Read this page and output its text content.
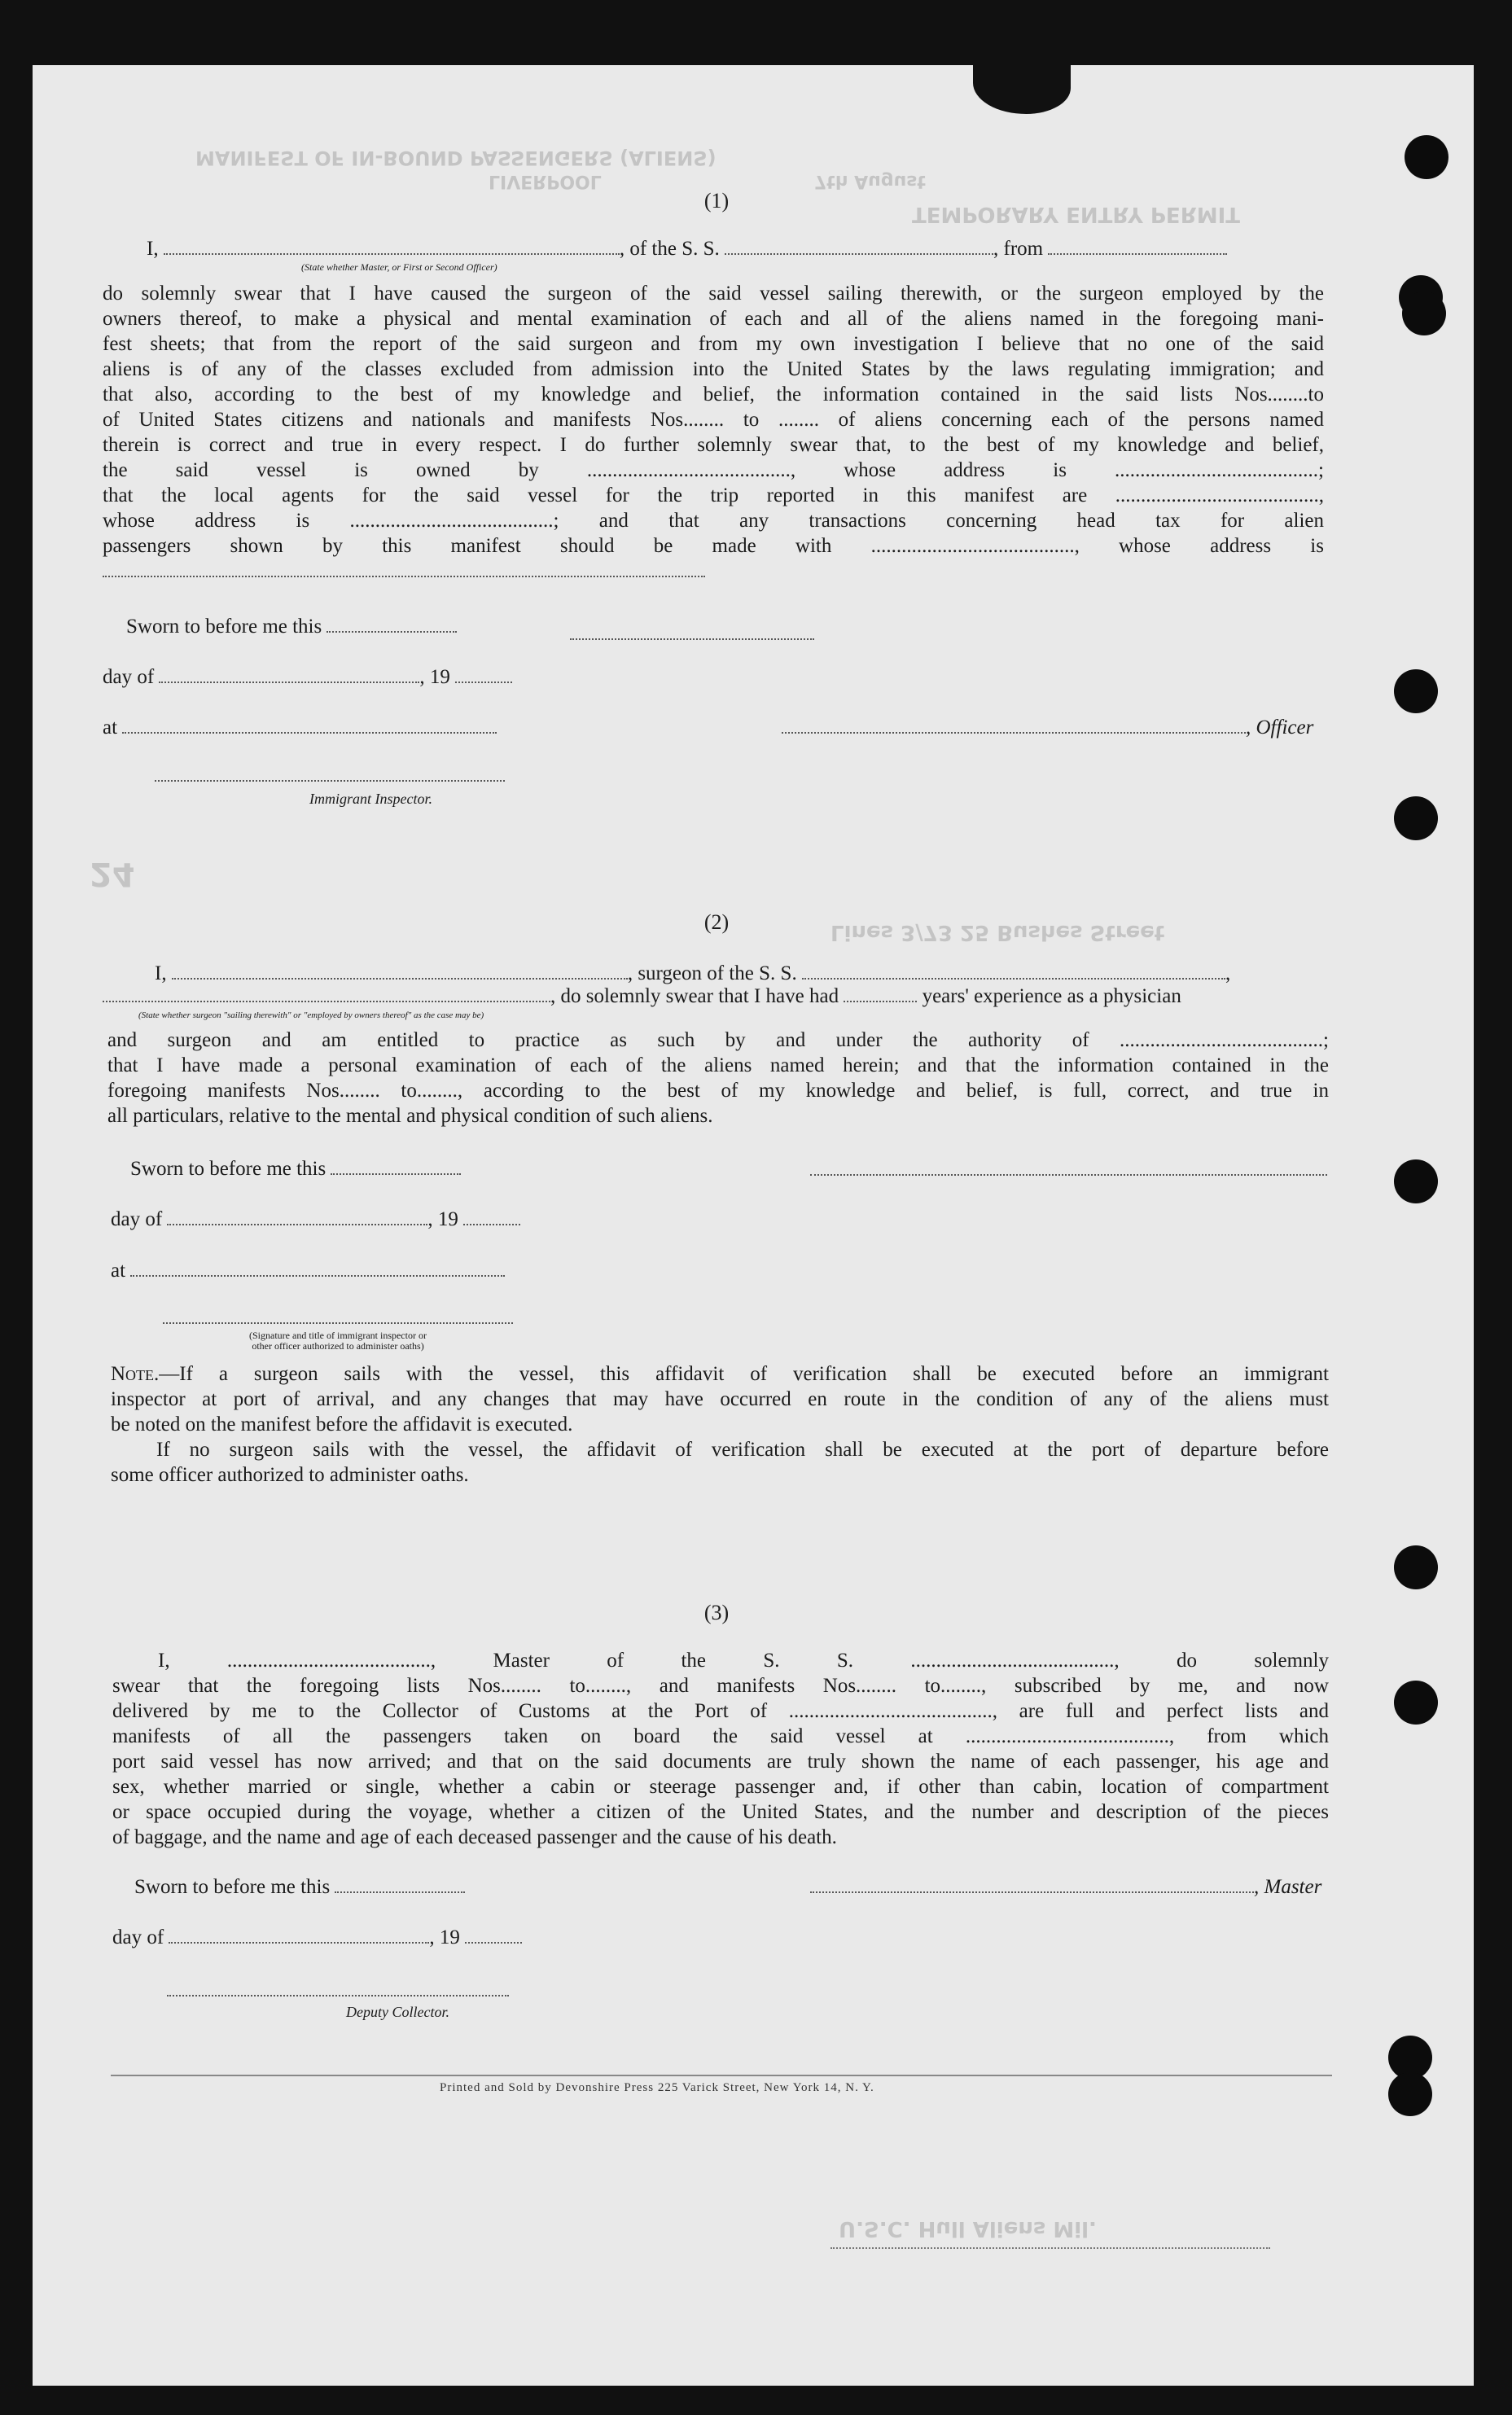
MANIFEST OF IN-BOUND PASSENGERS (ALIENS)
LIVERPOOL	7th August
TEMPORARY ENTRY PERMIT
24
Lines 3/73 25 Bushes Street
(1)
I,	, of the S. S.	, from
(State whether Master, or First or Second Officer)
do solemnly swear that I have caused the surgeon of the said vessel sailing therewith, or the surgeon employed by the
owners thereof, to make a physical and mental examination of each and all of the aliens named in the foregoing mani-
fest sheets; that from the report of the said surgeon and from my own investigation I believe that no one of the said
aliens is of any of the classes excluded from admission into the United States by the laws regulating immigration; and
that also, according to the best of my knowledge and belief, the information contained in the said lists Nos........to
of United States citizens and nationals and manifests Nos........ to ........ of aliens concerning each of the persons named
therein is correct and true in every respect. I do further solemnly swear that, to the best of my knowledge and belief,
the said vessel is owned by ........................................, whose address is ........................................;
that the local agents for the said vessel for the trip reported in this manifest are ........................................,
whose address is ........................................; and that any transactions concerning head tax for alien
passengers shown by this manifest should be made with ........................................, whose address is
Sworn to before me this
day of	, 19
at	, Officer
Immigrant Inspector.
(2)
I,	, surgeon of the S. S.	,
, do solemnly swear that I have had	years' experience as a physician
(State whether surgeon "sailing therewith" or "employed by owners thereof" as the case may be)
and surgeon and am entitled to practice as such by and under the authority of ........................................;
that I have made a personal examination of each of the aliens named herein; and that the information contained in the
foregoing manifests Nos........ to........, according to the best of my knowledge and belief, is full, correct, and true in
all particulars, relative to the mental and physical condition of such aliens.
Sworn to before me this
day of	, 19
at
(Signature and title of immigrant inspector or
other officer authorized to administer oaths)
Note.—If a surgeon sails with the vessel, this affidavit of verification shall be executed before an immigrant
inspector at port of arrival, and any changes that may have occurred en route in the condition of any of the aliens must
be noted on the manifest before the affidavit is executed.
If no surgeon sails with the vessel, the affidavit of verification shall be executed at the port of departure before
some officer authorized to administer oaths.
(3)
I, ........................................, Master of the S. S. ........................................, do solemnly
swear that the foregoing lists Nos........ to........, and manifests Nos........ to........, subscribed by me, and now
delivered by me to the Collector of Customs at the Port of ........................................, are full and perfect lists and
manifests of all the passengers taken on board the said vessel at ........................................, from which
port said vessel has now arrived; and that on the said documents are truly shown the name of each passenger, his age and
sex, whether married or single, whether a cabin or steerage passenger and, if other than cabin, location of compartment
or space occupied during the voyage, whether a citizen of the United States, and the number and description of the pieces
of baggage, and the name and age of each deceased passenger and the cause of his death.
Sworn to before me this	, Master
day of	, 19
Deputy Collector.
Printed and Sold by Devonshire Press 225 Varick Street, New York 14, N. Y.
U.S.C. Hull Aliens Mil.
